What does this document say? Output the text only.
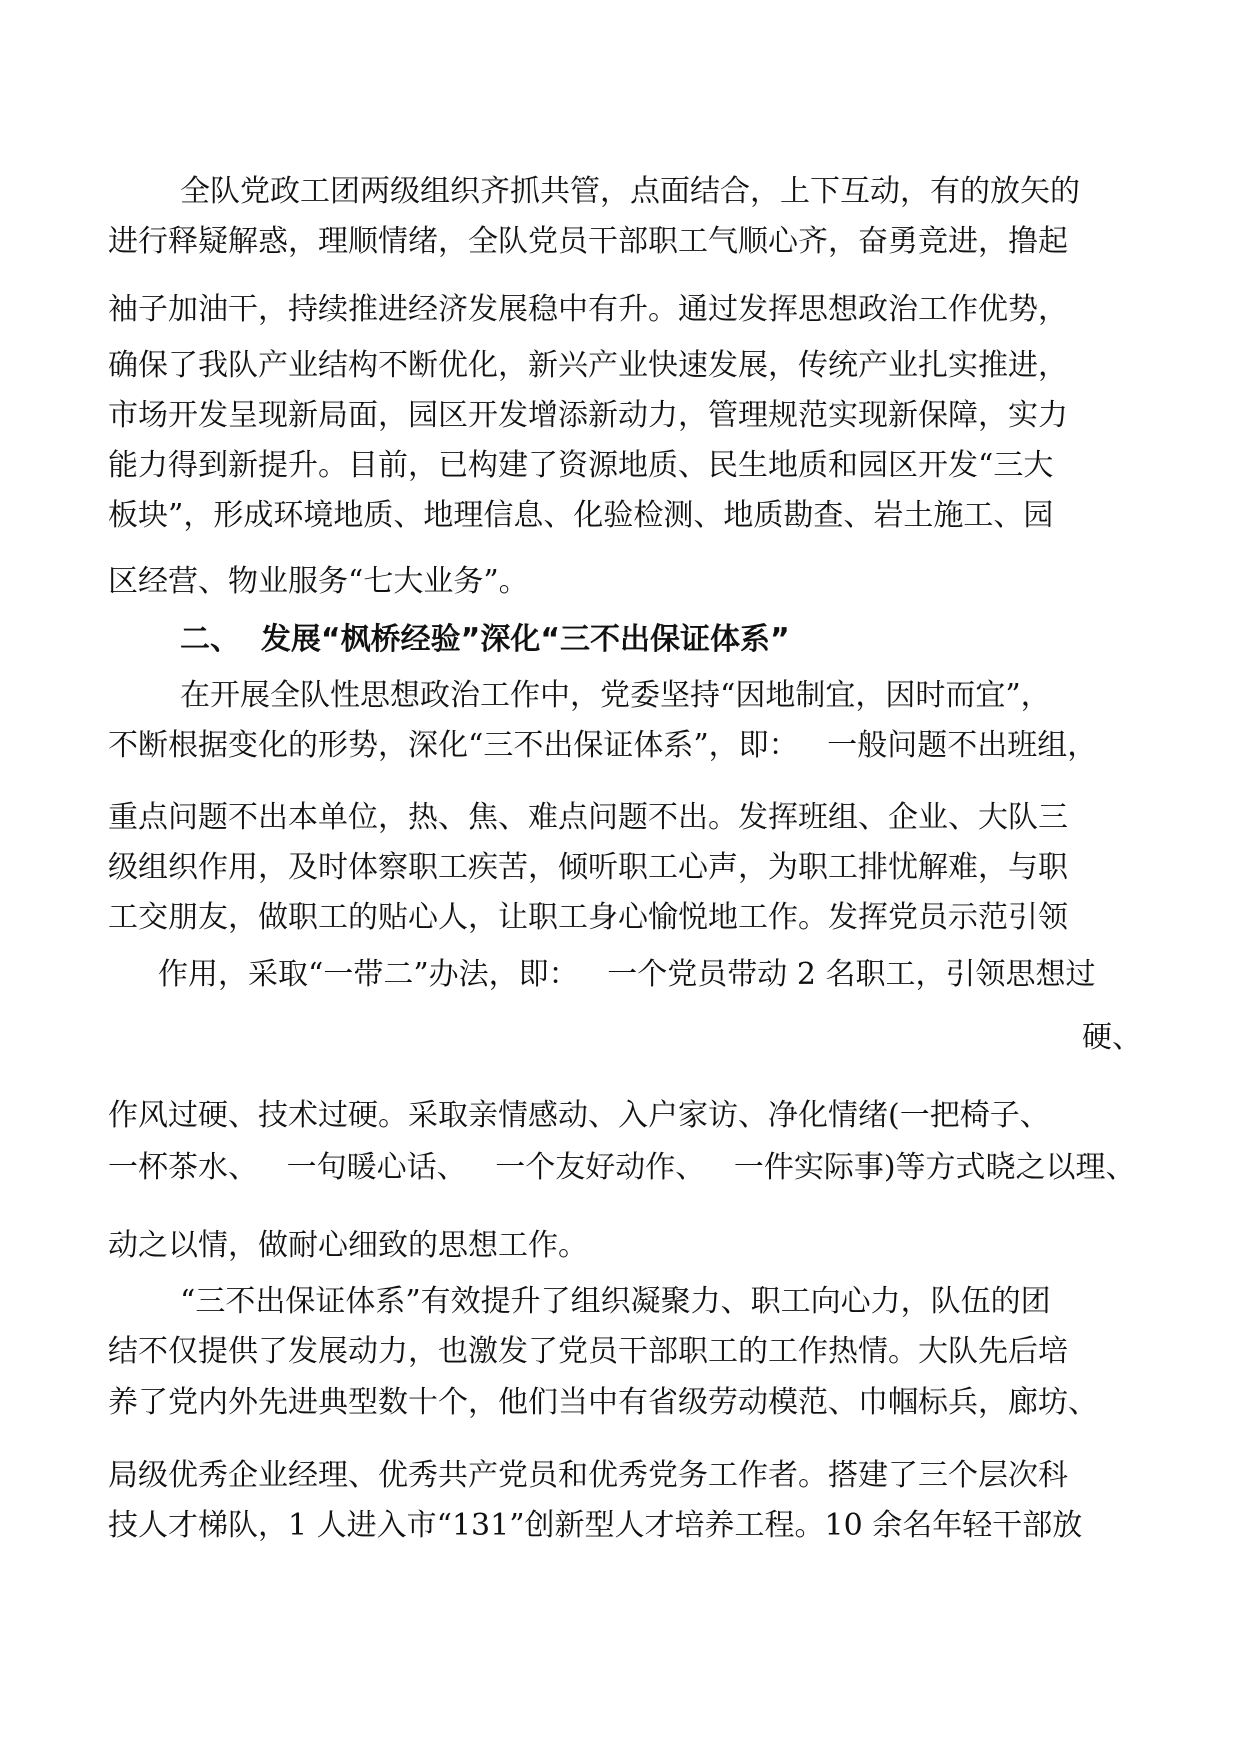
全队党政工团两级组织齐抓共管，点面结合，上下互动，有的放矢的
进行释疑解惑，理顺情绪，全队党员干部职工气顺心齐，奋勇竞进，撸起
袖子加油干，持续推进经济发展稳中有升。通过发挥思想政治工作优势，
确保了我队产业结构不断优化，新兴产业快速发展，传统产业扎实推进，
市场开发呈现新局面，园区开发增添新动力，管理规范实现新保障，实力
能力得到新提升。目前，已构建了资源地质、民生地质和园区开发“三大
板块”，形成环境地质、地理信息、化验检测、地质勘查、岩土施工、园
区经营、物业服务“七大业务”。
二、  发展“枫桥经验”深化“三不出保证体系”
在开展全队性思想政治工作中，党委坚持“因地制宜，因时而宜”，
不断根据变化的形势，深化“三不出保证体系”，即：   一般问题不出班组，
重点问题不出本单位，热、焦、难点问题不出。发挥班组、企业、大队三
级组织作用，及时体察职工疾苦，倾听职工心声，为职工排忧解难，与职
工交朋友，做职工的贴心人，让职工身心愉悦地工作。发挥党员示范引领
作用，采取“一带二”办法，即：   一个党员带动 2 名职工，引领思想过
硬、
作风过硬、技术过硬。采取亲情感动、入户家访、净化情绪(一把椅子、
一杯茶水、   一句暖心话、   一个友好动作、   一件实际事)等方式晓之以理、
动之以情，做耐心细致的思想工作。
“三不出保证体系”有效提升了组织凝聚力、职工向心力，队伍的团
结不仅提供了发展动力，也激发了党员干部职工的工作热情。大队先后培
养了党内外先进典型数十个，他们当中有省级劳动模范、巾帼标兵，廊坊、
局级优秀企业经理、优秀共产党员和优秀党务工作者。搭建了三个层次科
技人才梯队，1 人进入市“131”创新型人才培养工程。10 余名年轻干部放
